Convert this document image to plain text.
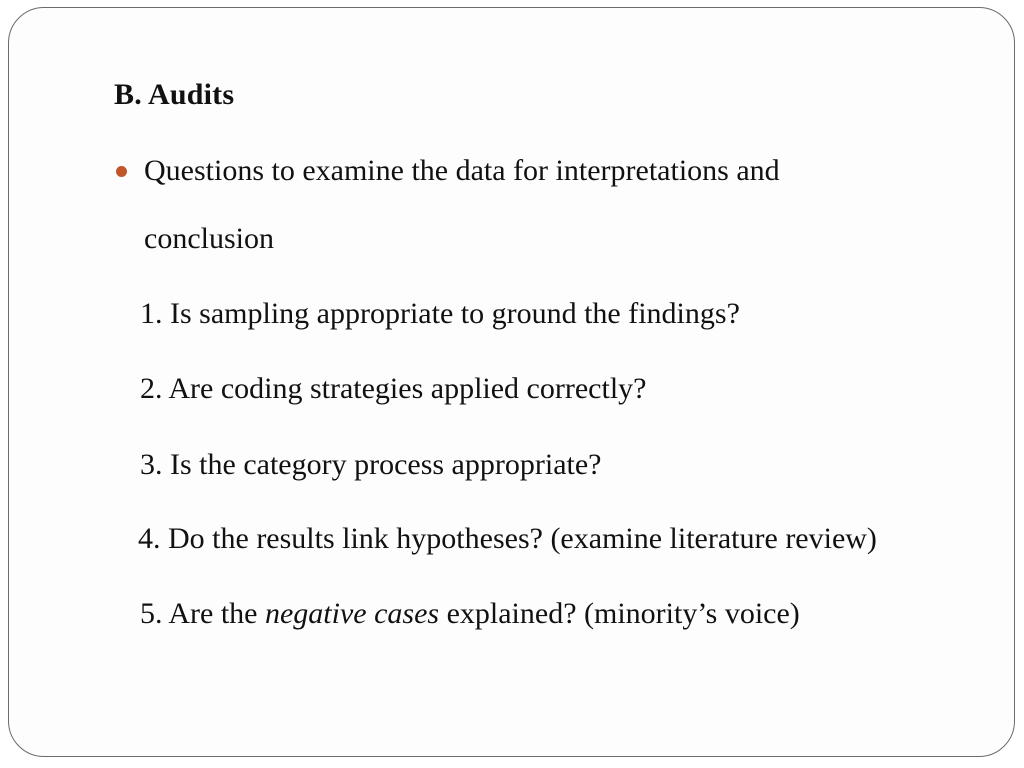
B. Audits
Questions to examine the data for interpretations and
conclusion
1. Is sampling appropriate to ground the findings?
2. Are coding strategies applied correctly?
3. Is the category process appropriate?
4. Do the results link hypotheses? (examine literature review)
5. Are the negative cases explained? (minority’s voice)
